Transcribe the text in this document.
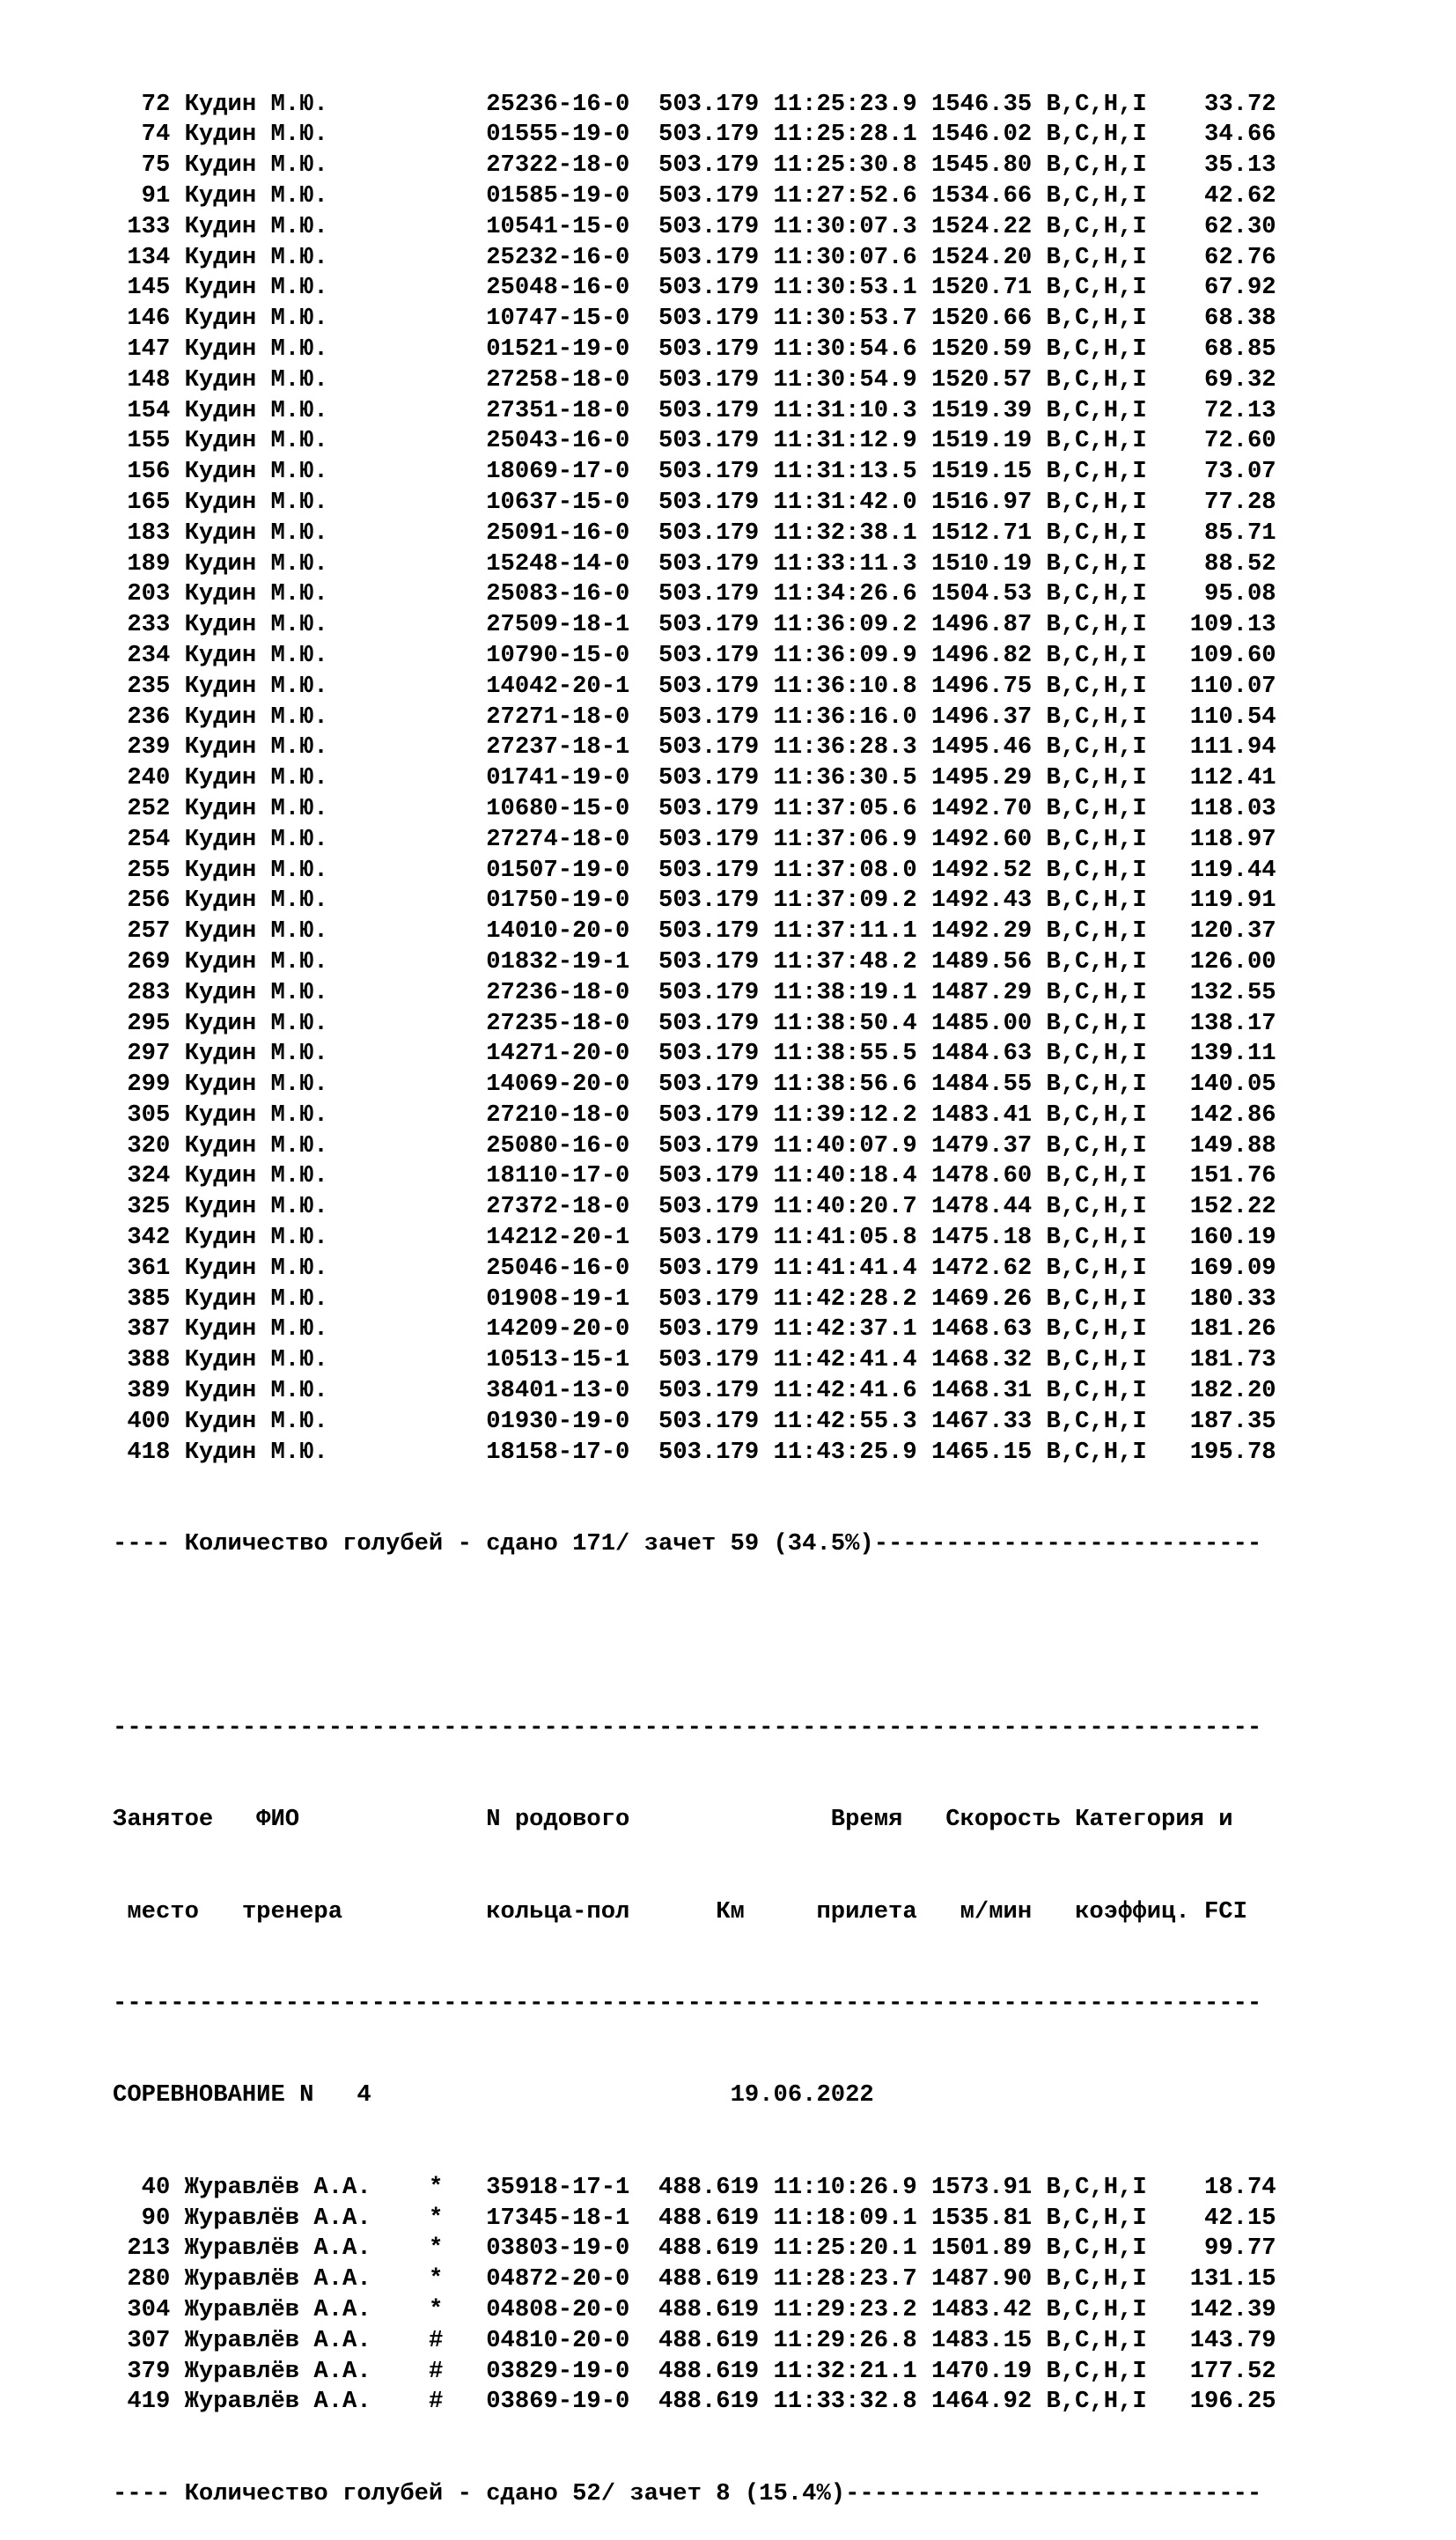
72 Кудин М.Ю.           25236-16-0  503.179 11:25:23.9 1546.35 B,C,H,I    33.72
74 Кудин М.Ю.           01555-19-0  503.179 11:25:28.1 1546.02 B,C,H,I    34.66
75 Кудин М.Ю.           27322-18-0  503.179 11:25:30.8 1545.80 B,C,H,I    35.13
91 Кудин М.Ю.           01585-19-0  503.179 11:27:52.6 1534.66 B,C,H,I    42.62
133 Кудин М.Ю.           10541-15-0  503.179 11:30:07.3 1524.22 B,C,H,I    62.30
134 Кудин М.Ю.           25232-16-0  503.179 11:30:07.6 1524.20 B,C,H,I    62.76
145 Кудин М.Ю.           25048-16-0  503.179 11:30:53.1 1520.71 B,C,H,I    67.92
146 Кудин М.Ю.           10747-15-0  503.179 11:30:53.7 1520.66 B,C,H,I    68.38
147 Кудин М.Ю.           01521-19-0  503.179 11:30:54.6 1520.59 B,C,H,I    68.85
148 Кудин М.Ю.           27258-18-0  503.179 11:30:54.9 1520.57 B,C,H,I    69.32
154 Кудин М.Ю.           27351-18-0  503.179 11:31:10.3 1519.39 B,C,H,I    72.13
155 Кудин М.Ю.           25043-16-0  503.179 11:31:12.9 1519.19 B,C,H,I    72.60
156 Кудин М.Ю.           18069-17-0  503.179 11:31:13.5 1519.15 B,C,H,I    73.07
165 Кудин М.Ю.           10637-15-0  503.179 11:31:42.0 1516.97 B,C,H,I    77.28
183 Кудин М.Ю.           25091-16-0  503.179 11:32:38.1 1512.71 B,C,H,I    85.71
189 Кудин М.Ю.           15248-14-0  503.179 11:33:11.3 1510.19 B,C,H,I    88.52
203 Кудин М.Ю.           25083-16-0  503.179 11:34:26.6 1504.53 B,C,H,I    95.08
233 Кудин М.Ю.           27509-18-1  503.179 11:36:09.2 1496.87 B,C,H,I   109.13
234 Кудин М.Ю.           10790-15-0  503.179 11:36:09.9 1496.82 B,C,H,I   109.60
235 Кудин М.Ю.           14042-20-1  503.179 11:36:10.8 1496.75 B,C,H,I   110.07
236 Кудин М.Ю.           27271-18-0  503.179 11:36:16.0 1496.37 B,C,H,I   110.54
239 Кудин М.Ю.           27237-18-1  503.179 11:36:28.3 1495.46 B,C,H,I   111.94
240 Кудин М.Ю.           01741-19-0  503.179 11:36:30.5 1495.29 B,C,H,I   112.41
252 Кудин М.Ю.           10680-15-0  503.179 11:37:05.6 1492.70 B,C,H,I   118.03
254 Кудин М.Ю.           27274-18-0  503.179 11:37:06.9 1492.60 B,C,H,I   118.97
255 Кудин М.Ю.           01507-19-0  503.179 11:37:08.0 1492.52 B,C,H,I   119.44
256 Кудин М.Ю.           01750-19-0  503.179 11:37:09.2 1492.43 B,C,H,I   119.91
257 Кудин М.Ю.           14010-20-0  503.179 11:37:11.1 1492.29 B,C,H,I   120.37
269 Кудин М.Ю.           01832-19-1  503.179 11:37:48.2 1489.56 B,C,H,I   126.00
283 Кудин М.Ю.           27236-18-0  503.179 11:38:19.1 1487.29 B,C,H,I   132.55
295 Кудин М.Ю.           27235-18-0  503.179 11:38:50.4 1485.00 B,C,H,I   138.17
297 Кудин М.Ю.           14271-20-0  503.179 11:38:55.5 1484.63 B,C,H,I   139.11
299 Кудин М.Ю.           14069-20-0  503.179 11:38:56.6 1484.55 B,C,H,I   140.05
305 Кудин М.Ю.           27210-18-0  503.179 11:39:12.2 1483.41 B,C,H,I   142.86
320 Кудин М.Ю.           25080-16-0  503.179 11:40:07.9 1479.37 B,C,H,I   149.88
324 Кудин М.Ю.           18110-17-0  503.179 11:40:18.4 1478.60 B,C,H,I   151.76
325 Кудин М.Ю.           27372-18-0  503.179 11:40:20.7 1478.44 B,C,H,I   152.22
342 Кудин М.Ю.           14212-20-1  503.179 11:41:05.8 1475.18 B,C,H,I   160.19
361 Кудин М.Ю.           25046-16-0  503.179 11:41:41.4 1472.62 B,C,H,I   169.09
385 Кудин М.Ю.           01908-19-1  503.179 11:42:28.2 1469.26 B,C,H,I   180.33
387 Кудин М.Ю.           14209-20-0  503.179 11:42:37.1 1468.63 B,C,H,I   181.26
388 Кудин М.Ю.           10513-15-1  503.179 11:42:41.4 1468.32 B,C,H,I   181.73
389 Кудин М.Ю.           38401-13-0  503.179 11:42:41.6 1468.31 B,C,H,I   182.20
400 Кудин М.Ю.           01930-19-0  503.179 11:42:55.3 1467.33 B,C,H,I   187.35
418 Кудин М.Ю.           18158-17-0  503.179 11:43:25.9 1465.15 B,C,H,I   195.78

---- Количество голубей - сдано 171/ зачет 59 (34.5%)---------------------------

--------------------------------------------------------------------------------

Занятое   ФИО             N родового              Время   Скорость Категория и

место   тренера          кольца-пол      Км     прилета   м/мин   коэффиц. FCI

--------------------------------------------------------------------------------

СОРЕВНОВАНИЕ N   4	19.06.2022

40 Журавлёв А.А.    *   35918-17-1  488.619 11:10:26.9 1573.91 B,C,H,I    18.74
90 Журавлёв А.А.    *   17345-18-1  488.619 11:18:09.1 1535.81 B,C,H,I    42.15
213 Журавлёв А.А.    *   03803-19-0  488.619 11:25:20.1 1501.89 B,C,H,I    99.77
280 Журавлёв А.А.    *   04872-20-0  488.619 11:28:23.7 1487.90 B,C,H,I   131.15
304 Журавлёв А.А.    *   04808-20-0  488.619 11:29:23.2 1483.42 B,C,H,I   142.39
307 Журавлёв А.А.    #   04810-20-0  488.619 11:29:26.8 1483.15 B,C,H,I   143.79
379 Журавлёв А.А.    #   03829-19-0  488.619 11:32:21.1 1470.19 B,C,H,I   177.52
419 Журавлёв А.А.    #   03869-19-0  488.619 11:33:32.8 1464.92 B,C,H,I   196.25

---- Количество голубей - сдано 52/ зачет 8 (15.4%)-----------------------------
